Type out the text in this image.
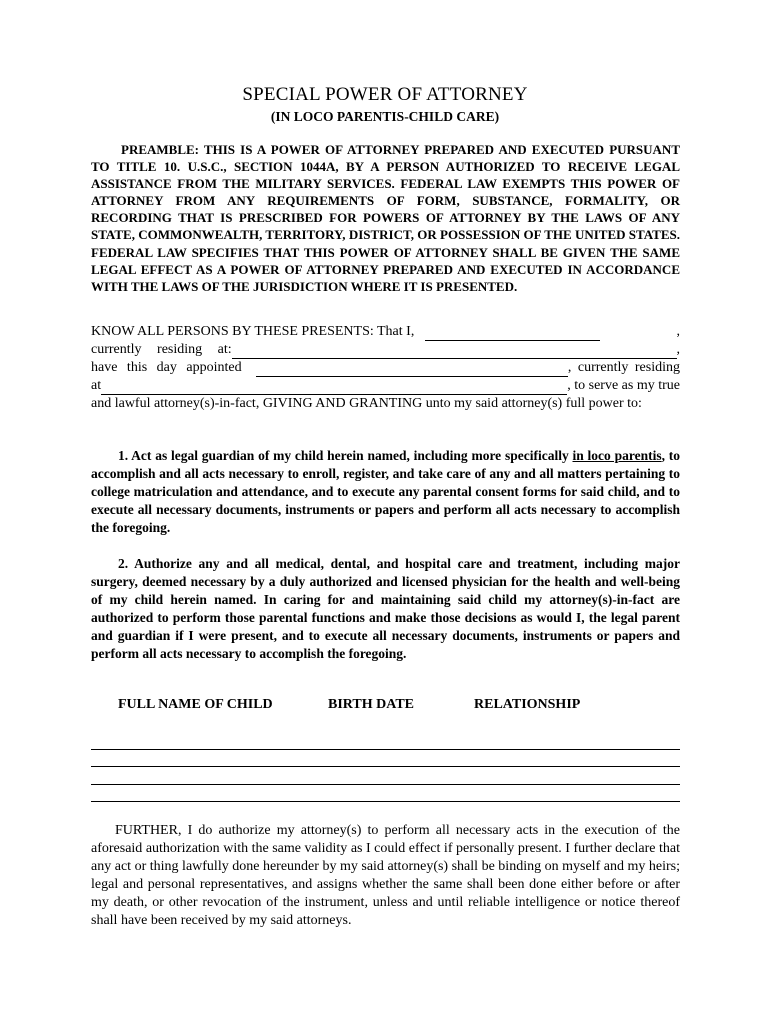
SPECIAL POWER OF ATTORNEY
(IN LOCO PARENTIS-CHILD CARE)

PREAMBLE: THIS IS A POWER OF ATTORNEY PREPARED AND EXECUTED PURSUANT TO TITLE 10. U.S.C., SECTION 1044A, BY A PERSON AUTHORIZED TO RECEIVE LEGAL ASSISTANCE FROM THE MILITARY SERVICES. FEDERAL LAW EXEMPTS THIS POWER OF ATTORNEY FROM ANY REQUIREMENTS OF FORM, SUBSTANCE, FORMALITY, OR RECORDING THAT IS PRESCRIBED FOR POWERS OF ATTORNEY BY THE LAWS OF ANY STATE, COMMONWEALTH, TERRITORY, DISTRICT, OR POSSESSION OF THE UNITED STATES. FEDERAL LAW SPECIFIES THAT THIS POWER OF ATTORNEY SHALL BE GIVEN THE SAME LEGAL EFFECT AS A POWER OF ATTORNEY PREPARED AND EXECUTED IN ACCORDANCE WITH THE LAWS OF THE JURISDICTION WHERE IT IS PRESENTED.

KNOW ALL PERSONS BY THESE PRESENTS: That I,	,
currently residing at:	,
have this day appointed	, currently residing
at	, to serve as my true
and lawful attorney(s)-in-fact, GIVING AND GRANTING unto my said attorney(s) full power to:

1. Act as legal guardian of my child herein named, including more specifically in loco parentis, to accomplish and all acts necessary to enroll, register, and take care of any and all matters pertaining to college matriculation and attendance, and to execute any parental consent forms for said child, and to execute all necessary documents, instruments or papers and perform all acts necessary to accomplish the foregoing.

2. Authorize any and all medical, dental, and hospital care and treatment, including major surgery, deemed necessary by a duly authorized and licensed physician for the health and well-being of my child herein named. In caring for and maintaining said child my attorney(s)-in-fact are authorized to perform those parental functions and make those decisions as would I, the legal parent and guardian if I were present, and to execute all necessary documents, instruments or papers and perform all acts necessary to accomplish the foregoing.

FULL NAME OF CHILD	BIRTH DATE	RELATIONSHIP

FURTHER, I do authorize my attorney(s) to perform all necessary acts in the execution of the aforesaid authorization with the same validity as I could effect if personally present. I further declare that any act or thing lawfully done hereunder by my said attorney(s) shall be binding on myself and my heirs; legal and personal representatives, and assigns whether the same shall been done either before or after my death, or other revocation of the instrument, unless and until reliable intelligence or notice thereof shall have been received by my said attorneys.
